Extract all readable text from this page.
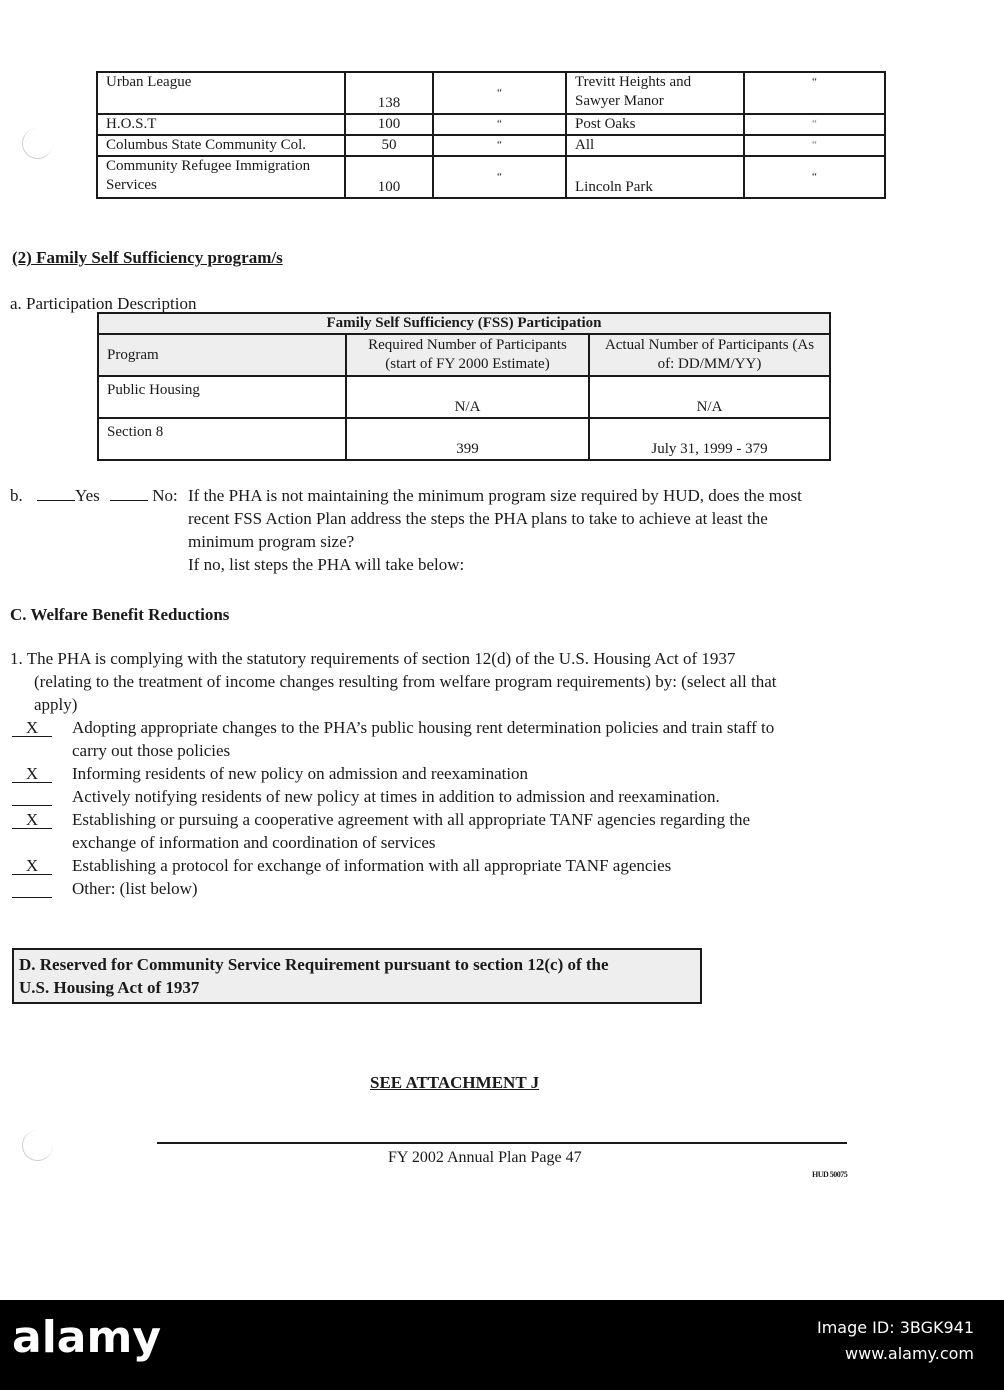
Urban League	138	“	Trevitt Heights and Sawyer Manor	“
H.O.S.T	100	“	Post Oaks	“
Columbus State Community Col.	50	“	All	“
Community Refugee Immigration Services	100	“	Lincoln Park	“
(2) Family Self Sufficiency program/s
a. Participation Description
Family Self Sufficiency (FSS) Participation		
Program	Required Number of Participants (start of FY 2000 Estimate)	Actual Number of Participants (As of: DD/MM/YY)
Public Housing	N/A	N/A
Section 8	399	July 31, 1999 - 379
b.	Yes	No: If the PHA is not maintaining the minimum program size required by HUD, does the most
recent FSS Action Plan address the steps the PHA plans to take to achieve at least the
minimum program size?
If no, list steps the PHA will take below:
C. Welfare Benefit Reductions
1. The PHA is complying with the statutory requirements of section 12(d) of the U.S. Housing Act of 1937
(relating to the treatment of income changes resulting from welfare program requirements) by: (select all that
apply)
X	Adopting appropriate changes to the PHA’s public housing rent determination policies and train staff to
carry out those policies
X	Informing residents of new policy on admission and reexamination
Actively notifying residents of new policy at times in addition to admission and reexamination.
X	Establishing or pursuing a cooperative agreement with all appropriate TANF agencies regarding the
exchange of information and coordination of services
X	Establishing a protocol for exchange of information with all appropriate TANF agencies
Other: (list below)
D. Reserved for Community Service Requirement pursuant to section 12(c) of the
U.S. Housing Act of 1937
SEE ATTACHMENT J
FY 2002 Annual Plan Page 47
HUD 50075
alamy	Image ID: 3BGK941
www.alamy.com
